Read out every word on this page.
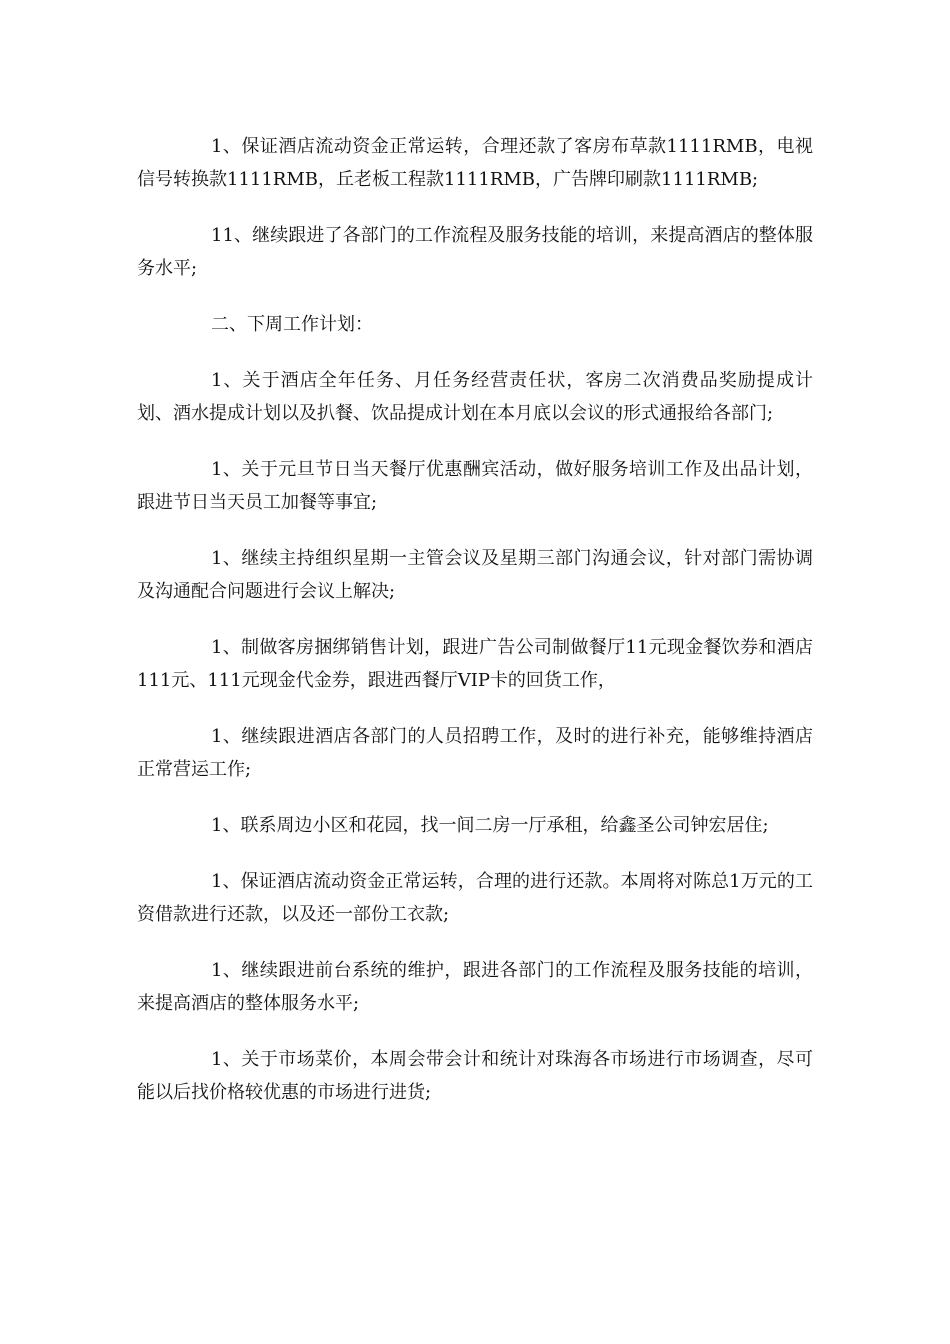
1、保证酒店流动资金正常运转，合理还款了客房布草款1111RMB，电视信号转换款1111RMB，丘老板工程款1111RMB，广告牌印刷款1111RMB;

11、继续跟进了各部门的工作流程及服务技能的培训，来提高酒店的整体服务水平;

二、下周工作计划：

1、关于酒店全年任务、月任务经营责任状，客房二次消费品奖励提成计划、酒水提成计划以及扒餐、饮品提成计划在本月底以会议的形式通报给各部门;

1、关于元旦节日当天餐厅优惠酬宾活动，做好服务培训工作及出品计划，跟进节日当天员工加餐等事宜;

1、继续主持组织星期一主管会议及星期三部门沟通会议，针对部门需协调及沟通配合问题进行会议上解决;

1、制做客房捆绑销售计划，跟进广告公司制做餐厅11元现金餐饮券和酒店111元、111元现金代金券，跟进西餐厅VIP卡的回货工作，

1、继续跟进酒店各部门的人员招聘工作，及时的进行补充，能够维持酒店正常营运工作;

1、联系周边小区和花园，找一间二房一厅承租，给鑫圣公司钟宏居住;

1、保证酒店流动资金正常运转，合理的进行还款。本周将对陈总1万元的工资借款进行还款，以及还一部份工衣款;

1、继续跟进前台系统的维护，跟进各部门的工作流程及服务技能的培训，来提高酒店的整体服务水平;

1、关于市场菜价，本周会带会计和统计对珠海各市场进行市场调查，尽可能以后找价格较优惠的市场进行进货;
